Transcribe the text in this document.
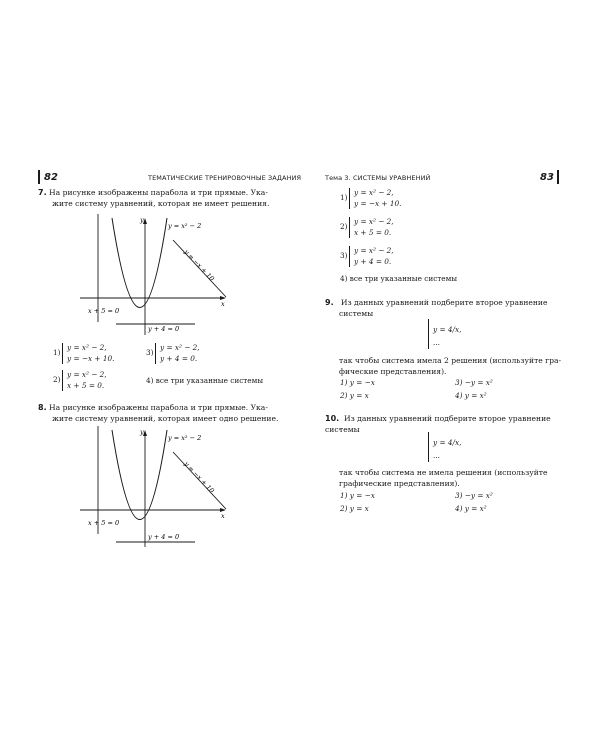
82	ТЕМАТИЧЕСКИЕ ТРЕНИРОВОЧНЫЕ ЗАДАНИЯ	Тема 3. СИСТЕМЫ УРАВНЕНИЙ	83
7. На рисунке изображены парабола и три прямые. Ука-
жите систему уравнений, которая не имеет решения.
y
x
y = x² − 2
y = −x + 10
x + 5 = 0
y + 4 = 0
1)
y = x² − 2,
y = −x + 10.
3)
y = x² − 2,
y + 4 = 0.
2)
y = x² − 2,
x + 5 = 0.
4) все три указанные системы
8. На рисунке изображены парабола и три прямые. Ука-
жите систему уравнений, которая имеет одно решение.
y
x
y = x² − 2
y = −x + 10
x + 5 = 0
y + 4 = 0
1)
y = x² − 2,
y = −x + 10.
2)
y = x² − 2,
x + 5 = 0.
3)
y = x² − 2,
y + 4 = 0.
4) все три указанные системы
9. Из данных уравнений подберите второе уравнение
системы
y = 4/x,
...
так чтобы система имела 2 решения (используйте гра-
фические представления).
1) y = −x	3) −y = x²
2) y = x	4) y = x²
10. Из данных уравнений подберите второе уравнение сис-
темы
y = 4/x,
...
так чтобы система не имела решения (используйте
графические представления).
1) y = −x	3) −y = x²
2) y = x	4) y = x²
